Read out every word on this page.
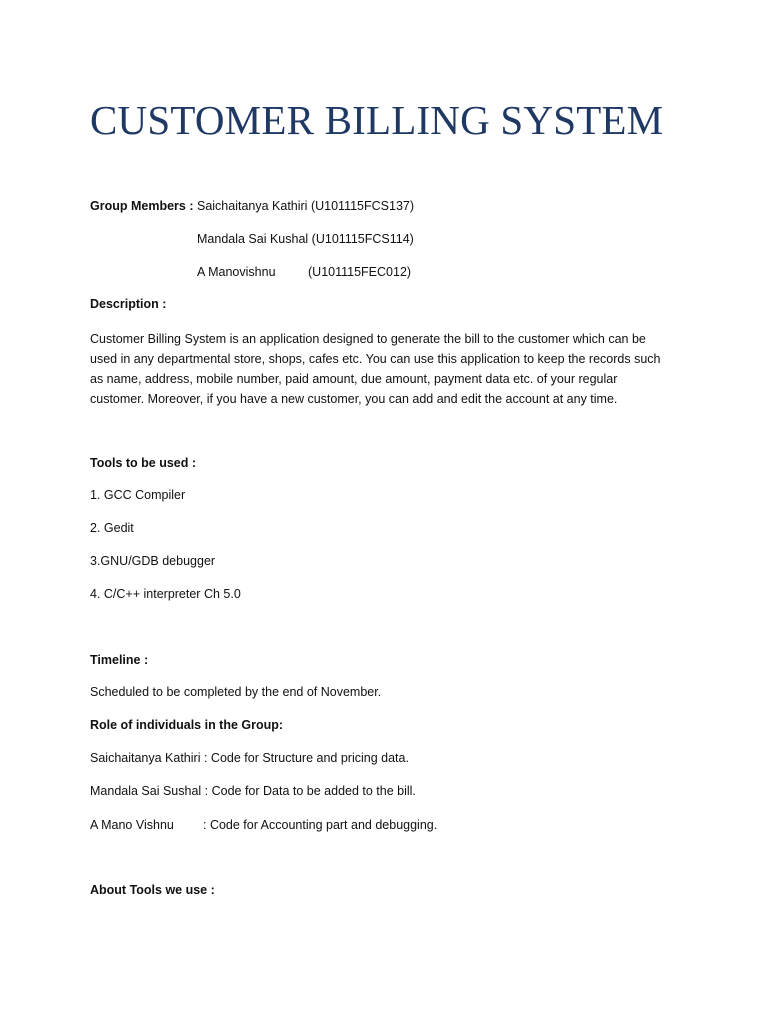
CUSTOMER BILLING SYSTEM
Group Members : Saichaitanya Kathiri (U101115FCS137)
Mandala Sai Kushal (U101115FCS114)
A Manovishnu	(U101115FEC012)
Description :

Customer Billing System is an application designed to generate the bill to the customer which can be
used in any departmental store, shops, cafes etc. You can use this application to keep the records such
as name, address, mobile number, paid amount, due amount, payment data etc. of your regular
customer. Moreover, if you have a new customer, you can add and edit the account at any time.

Tools to be used :
1. GCC Compiler
2. Gedit
3.GNU/GDB debugger
4. C/C++ interpreter Ch 5.0
Timeline :
Scheduled to be completed by the end of November.
Role of individuals in the Group:
Saichaitanya Kathiri : Code for Structure and pricing data.
Mandala Sai Sushal : Code for Data to be added to the bill.
A Mano Vishnu : Code for Accounting part and debugging.
About Tools we use :
